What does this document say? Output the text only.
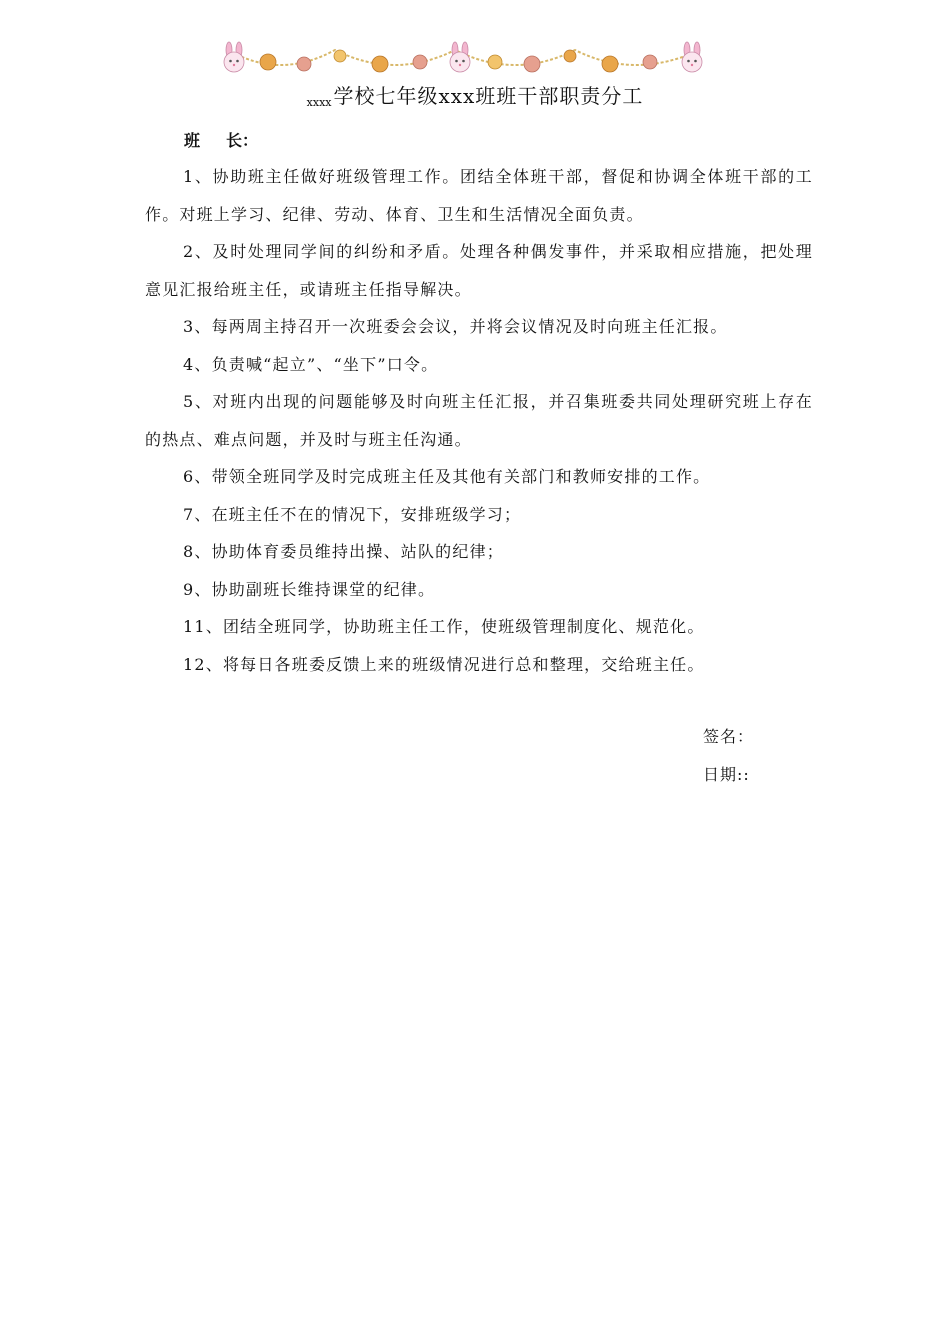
xxxx 学校七年级xxx班班干部职责分工
班 长：

1、协助班主任做好班级管理工作。团结全体班干部，督促和协调全体班干部的工作。对班上学习、纪律、劳动、体育、卫生和生活情况全面负责。

2、及时处理同学间的纠纷和矛盾。处理各种偶发事件，并采取相应措施，把处理意见汇报给班主任，或请班主任指导解决。

3、每两周主持召开一次班委会会议，并将会议情况及时向班主任汇报。

4、负责喊“起立”、“坐下”口令。

5、对班内出现的问题能够及时向班主任汇报，并召集班委共同处理研究班上存在的热点、难点问题，并及时与班主任沟通。

6、带领全班同学及时完成班主任及其他有关部门和教师安排的工作。

7、在班主任不在的情况下，安排班级学习；

8、协助体育委员维持出操、站队的纪律；

9、协助副班长维持课堂的纪律。

11、团结全班同学，协助班主任工作，使班级管理制度化、规范化。

12、将每日各班委反馈上来的班级情况进行总和整理，交给班主任。

签名：
日期::
